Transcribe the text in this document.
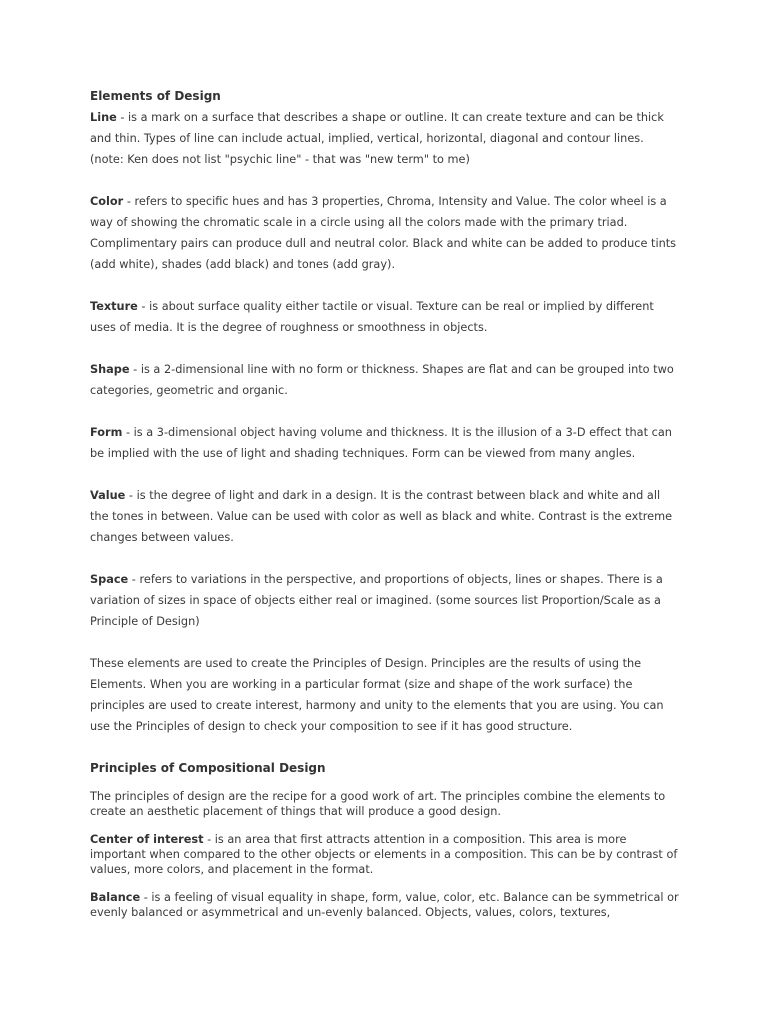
Elements of Design

Line - is a mark on a surface that describes a shape or outline. It can create texture and can be thick and thin. Types of line can include actual, implied, vertical, horizontal, diagonal and contour lines. (note: Ken does not list "psychic line" - that was "new term" to me)

Color - refers to specific hues and has 3 properties, Chroma, Intensity and Value. The color wheel is a way of showing the chromatic scale in a circle using all the colors made with the primary triad. Complimentary pairs can produce dull and neutral color. Black and white can be added to produce tints (add white), shades (add black) and tones (add gray).

Texture - is about surface quality either tactile or visual. Texture can be real or implied by different uses of media. It is the degree of roughness or smoothness in objects.

Shape - is a 2-dimensional line with no form or thickness. Shapes are flat and can be grouped into two categories, geometric and organic.

Form - is a 3-dimensional object having volume and thickness. It is the illusion of a 3-D effect that can be implied with the use of light and shading techniques. Form can be viewed from many angles.

Value - is the degree of light and dark in a design. It is the contrast between black and white and all the tones in between. Value can be used with color as well as black and white. Contrast is the extreme changes between values.

Space - refers to variations in the perspective, and proportions of objects, lines or shapes. There is a variation of sizes in space of objects either real or imagined. (some sources list Proportion/Scale as a Principle of Design)

These elements are used to create the Principles of Design. Principles are the results of using the Elements. When you are working in a particular format (size and shape of the work surface) the principles are used to create interest, harmony and unity to the elements that you are using. You can use the Principles of design to check your composition to see if it has good structure.

Principles of Compositional Design

The principles of design are the recipe for a good work of art. The principles combine the elements to create an aesthetic placement of things that will produce a good design.

Center of interest - is an area that first attracts attention in a composition. This area is more important when compared to the other objects or elements in a composition. This can be by contrast of values, more colors, and placement in the format.

Balance - is a feeling of visual equality in shape, form, value, color, etc. Balance can be symmetrical or evenly balanced or asymmetrical and un-evenly balanced. Objects, values, colors, textures,
